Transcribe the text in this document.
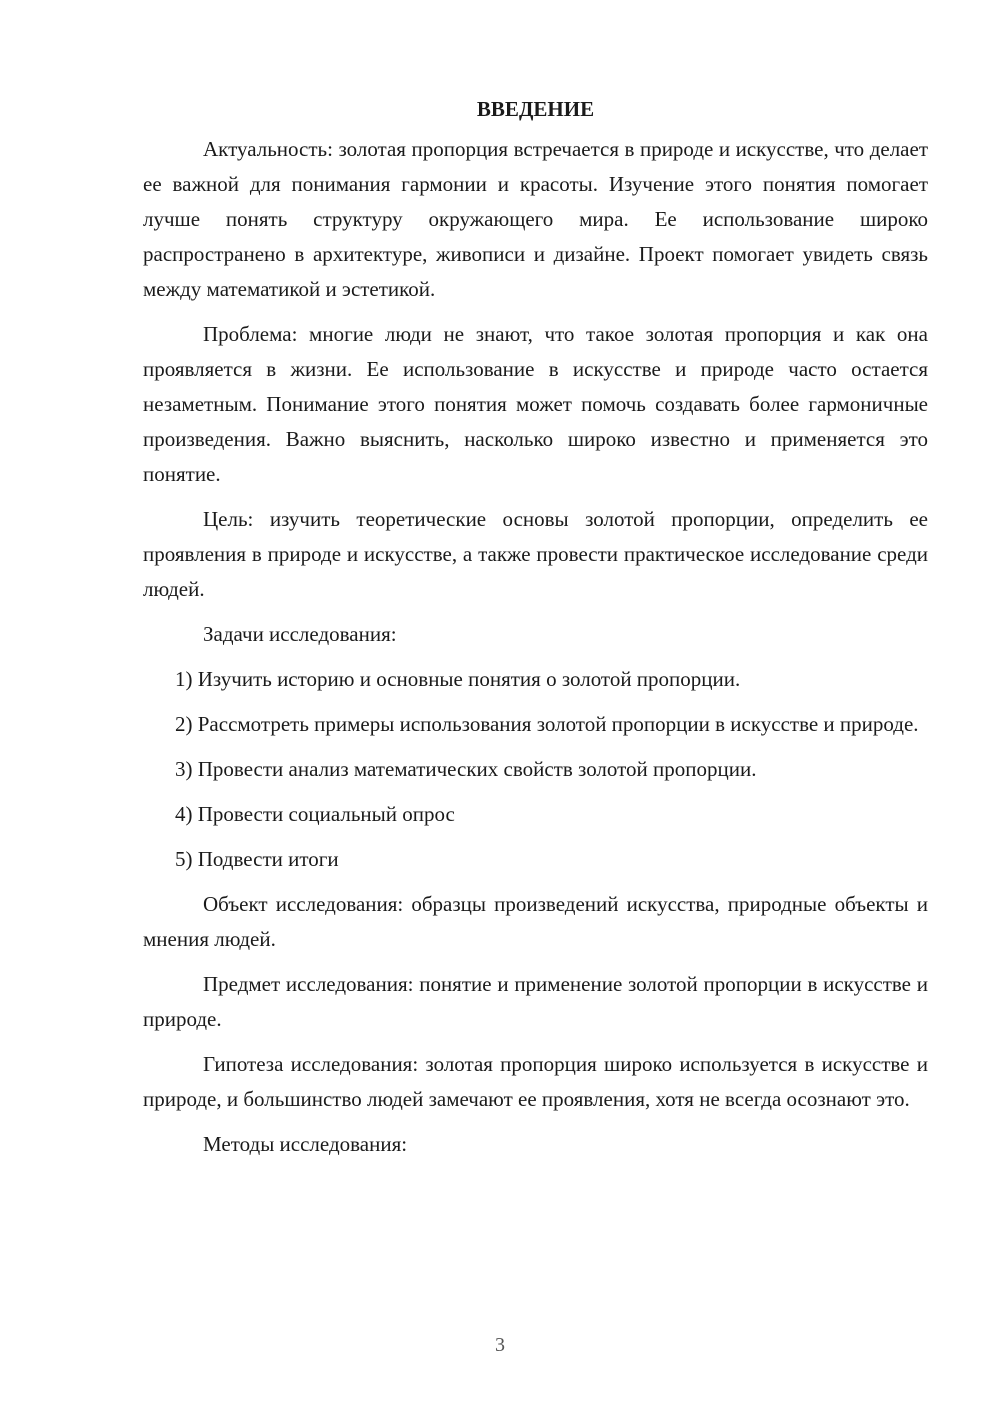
ВВЕДЕНИЕ

Актуальность: золотая пропорция встречается в природе и искусстве, что делает ее важной для понимания гармонии и красоты. Изучение этого понятия помогает лучше понять структуру окружающего мира. Ее использование широко распространено в архитектуре, живописи и дизайне. Проект помогает увидеть связь между математикой и эстетикой.

Проблема: многие люди не знают, что такое золотая пропорция и как она проявляется в жизни. Ее использование в искусстве и природе часто остается незаметным. Понимание этого понятия может помочь создавать более гармоничные произведения. Важно выяснить, насколько широко известно и применяется это понятие.

Цель: изучить теоретические основы золотой пропорции, определить ее проявления в природе и искусстве, а также провести практическое исследование среди людей.

Задачи исследования:

1) Изучить историю и основные понятия о золотой пропорции.

2) Рассмотреть примеры использования золотой пропорции в искусстве и природе.

3) Провести анализ математических свойств золотой пропорции.

4) Провести социальный опрос

5) Подвести итоги

Объект исследования: образцы произведений искусства, природные объекты и мнения людей.

Предмет исследования: понятие и применение золотой пропорции в искусстве и природе.

Гипотеза исследования: золотая пропорция широко используется в искусстве и природе, и большинство людей замечают ее проявления, хотя не всегда осознают это.

Методы исследования:

3
